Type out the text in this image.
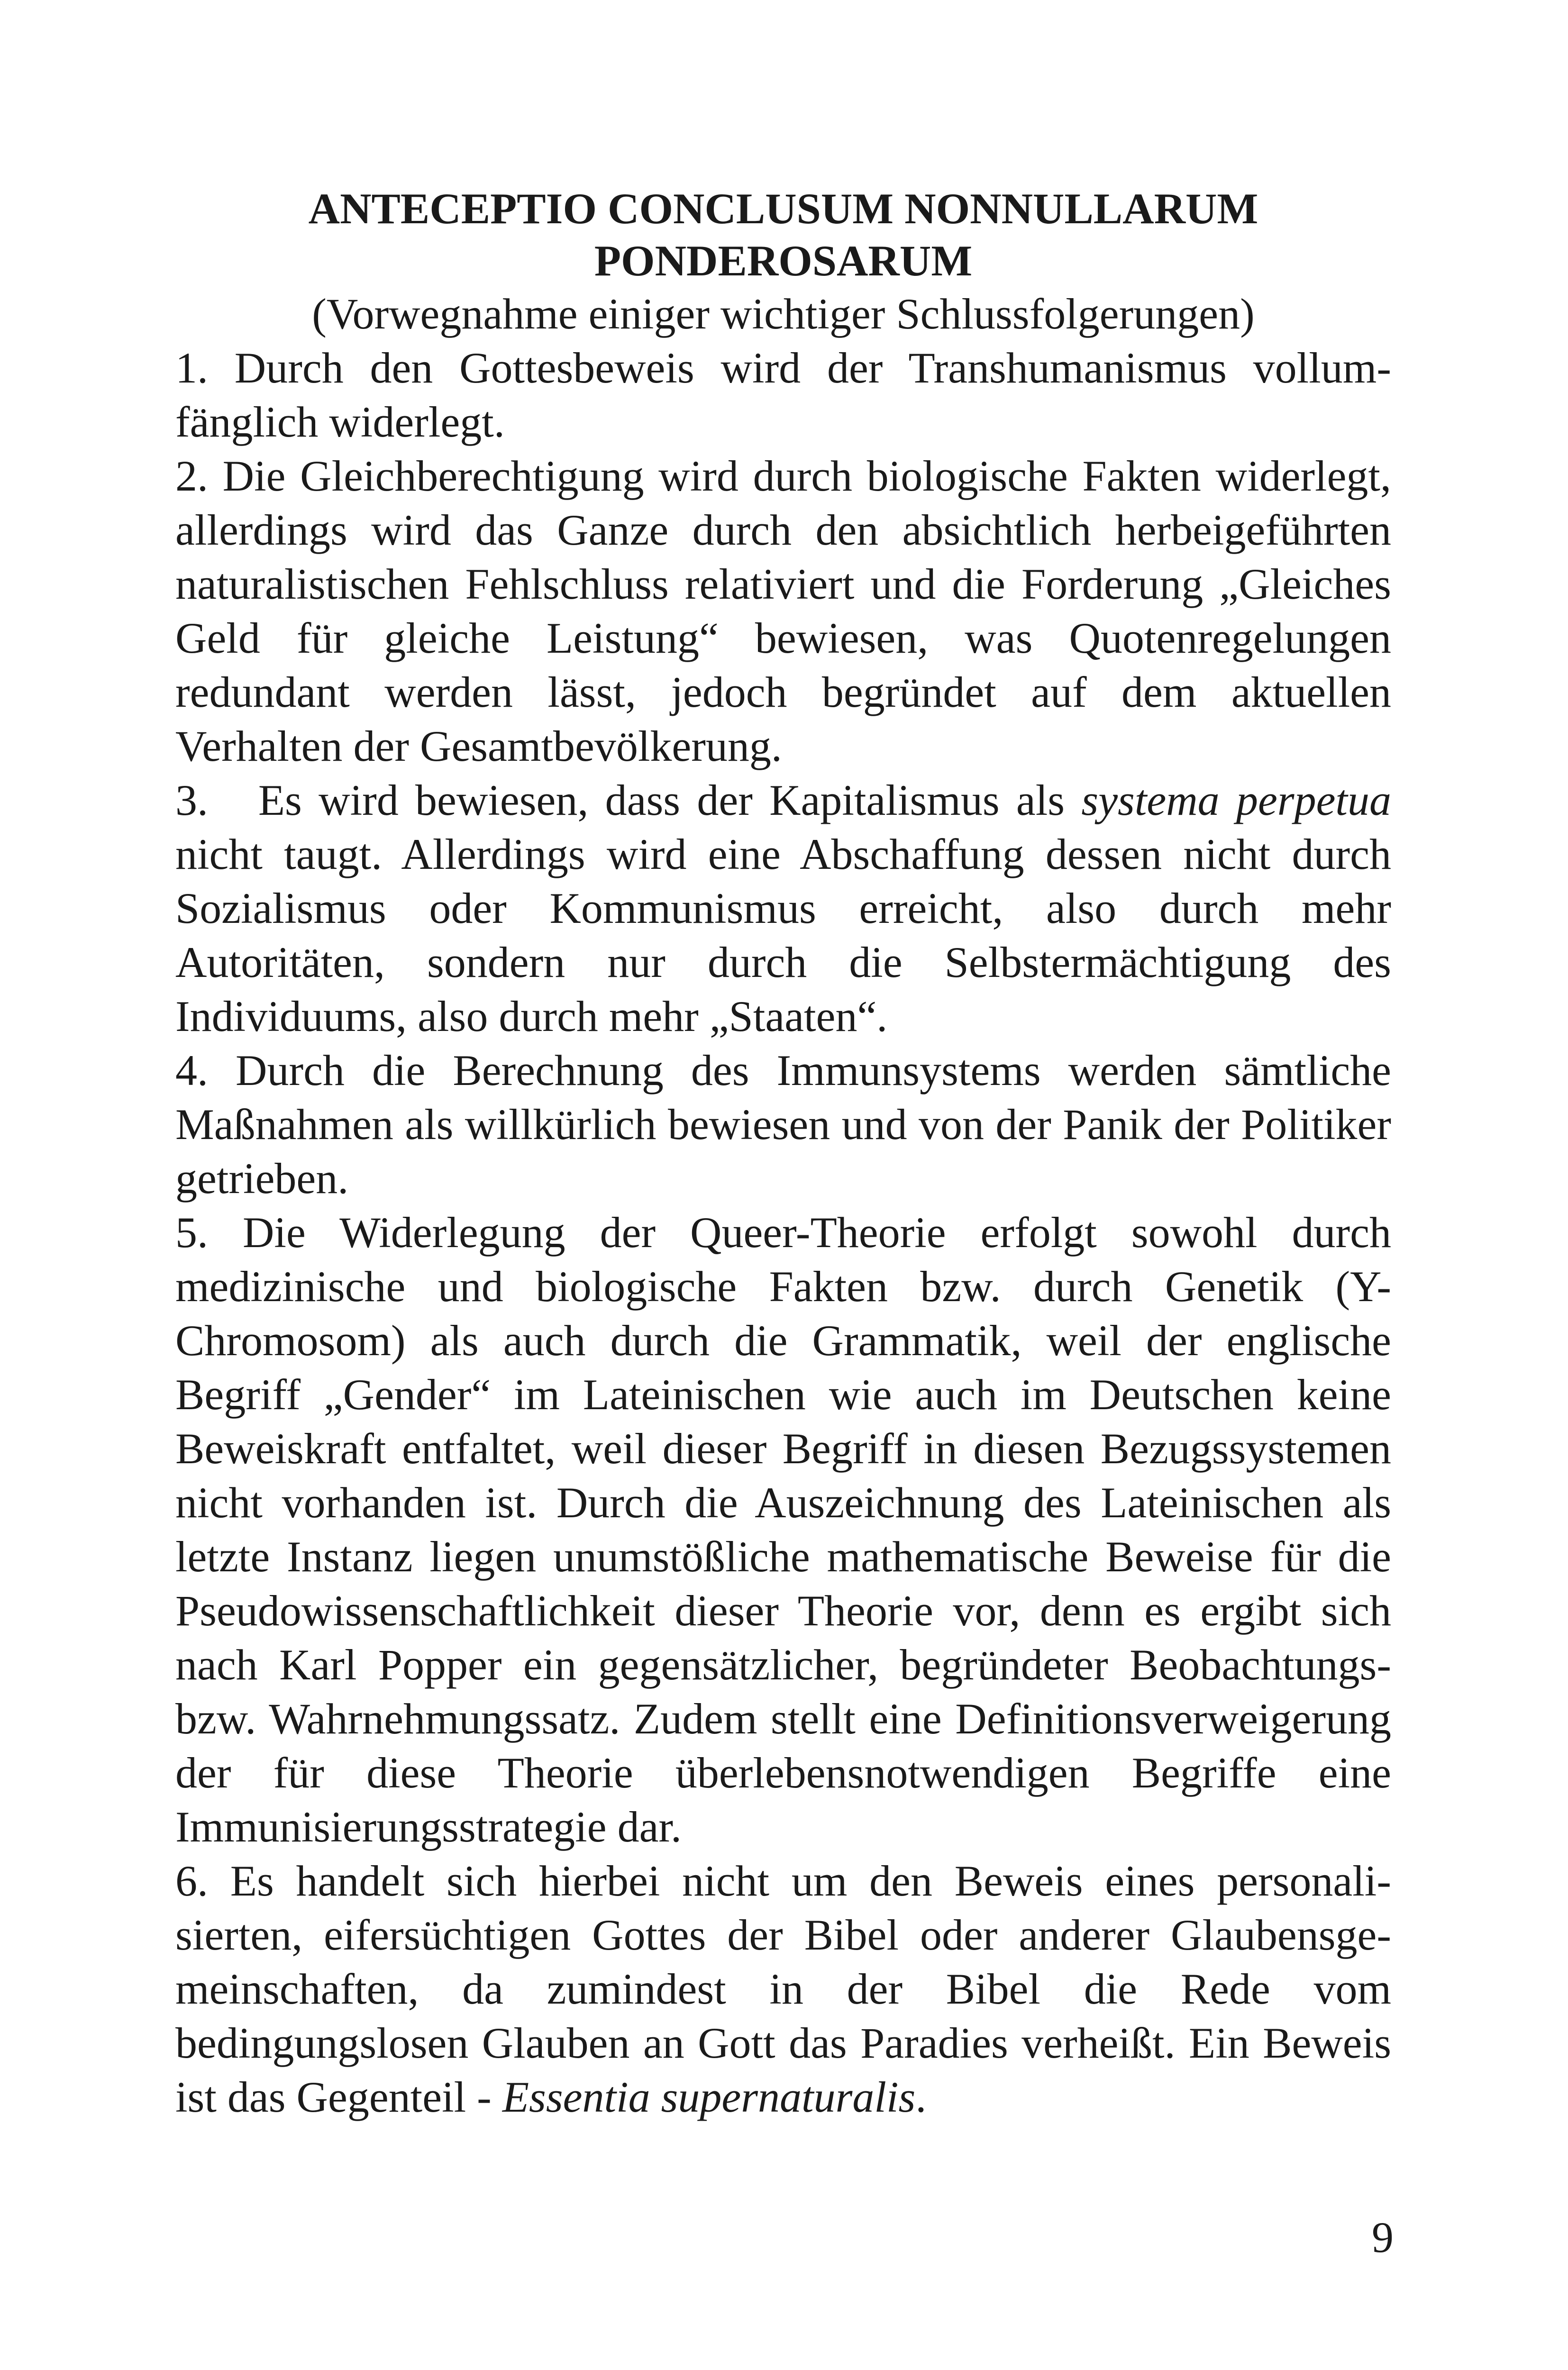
ANTECEPTIO CONCLUSUM NONNULLARUM

PONDEROSARUM

(Vorwegnahme einiger wichtiger Schlussfolgerungen)

1. Durch den Gottesbeweis wird der Transhumanismus vollumfänglich widerlegt.

2. Die Gleichberechtigung wird durch biologische Fakten widerlegt, allerdings wird das Ganze durch den absichtlich herbeigeführten naturalistischen Fehlschluss relativiert und die Forderung „Gleiches Geld für gleiche Leistung“ bewiesen, was Quotenregelungen redundant werden lässt, jedoch begründet auf dem aktuellen Verhalten der Gesamtbevölkerung.

3.   Es wird bewiesen, dass der Kapitalismus als systema perpetua nicht taugt. Allerdings wird eine Abschaffung dessen nicht durch Sozialismus oder Kommunismus erreicht, also durch mehr Autoritäten, sondern nur durch die Selbstermächtigung des Individuums, also durch mehr „Staaten“.

4. Durch die Berechnung des Immunsystems werden sämtliche Maßnahmen als willkürlich bewiesen und von der Panik der Politiker getrieben.

5. Die Widerlegung der Queer-Theorie erfolgt sowohl durch medizinische und biologische Fakten bzw. durch Genetik (Y-Chromosom) als auch durch die Grammatik, weil der englische Begriff „Gender“ im Lateinischen wie auch im Deutschen keine Beweiskraft entfaltet, weil dieser Begriff in diesen Bezugssystemen nicht vorhanden ist. Durch die Auszeichnung des Lateinischen als letzte Instanz liegen unumstößliche mathematische Beweise für die Pseudowissenschaftlichkeit dieser Theorie vor, denn es ergibt sich nach Karl Popper ein gegensätzlicher, begründeter Beobachtungs- bzw. Wahrnehmungssatz. Zudem stellt eine Definitionsverweigerung der für diese Theorie überlebensnotwendigen Begriffe eine Immunisierungsstrategie dar.

6. Es handelt sich hierbei nicht um den Beweis eines personalisierten, eifersüchtigen Gottes der Bibel oder anderer Glaubensgemeinschaften, da zumindest in der Bibel die Rede vom bedingungslosen Glauben an Gott das Paradies verheißt. Ein Beweis ist das Gegenteil - Essentia supernaturalis.

9
